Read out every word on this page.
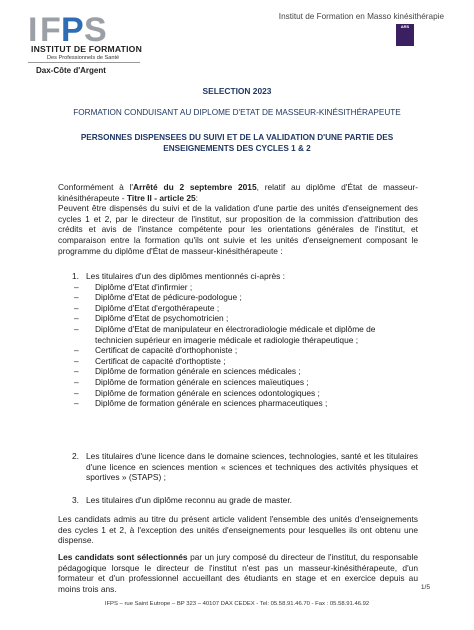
I F P S
INSTITUT DE FORMATION
Des Professionnels de Santé
Dax-Côte d'Argent
Institut de Formation en Masso kinésithérapie
ARS
SELECTION 2023
FORMATION CONDUISANT AU DIPLOME D'ETAT DE MASSEUR-KINÉSITHÉRAPEUTE
PERSONNES DISPENSEES DU SUIVI ET DE LA VALIDATION D'UNE PARTIE DES
ENSEIGNEMENTS DES CYCLES 1 & 2
Conformément à l'Arrêté du 2 septembre 2015, relatif au diplôme d'État de masseur-kinésithérapeute - Titre II - article 25:
Peuvent être dispensés du suivi et de la validation d'une partie des unités d'enseignement des cycles 1 et 2, par le directeur de l'institut, sur proposition de la commission d'attribution des crédits et avis de l'instance compétente pour les orientations générales de l'institut, et comparaison entre la formation qu'ils ont suivie et les unités d'enseignement composant le programme du diplôme d'État de masseur-kinésithérapeute :
1. Les titulaires d'un des diplômes mentionnés ci-après :
– Diplôme d'Etat d'infirmier ;
– Diplôme d'Etat de pédicure-podologue ;
– Diplôme d'Etat d'ergothérapeute ;
– Diplôme d'Etat de psychomotricien ;
– Diplôme d'Etat de manipulateur en électroradiologie médicale et diplôme de technicien supérieur en imagerie médicale et radiologie thérapeutique ;
– Certificat de capacité d'orthophoniste ;
– Certificat de capacité d'orthoptiste ;
– Diplôme de formation générale en sciences médicales ;
– Diplôme de formation générale en sciences maïeutiques ;
– Diplôme de formation générale en sciences odontologiques ;
– Diplôme de formation générale en sciences pharmaceutiques ;
2. Les titulaires d'une licence dans le domaine sciences, technologies, santé et les titulaires d'une licence en sciences mention « sciences et techniques des activités physiques et sportives » (STAPS) ;
3. Les titulaires d'un diplôme reconnu au grade de master.
Les candidats admis au titre du présent article valident l'ensemble des unités d'enseignements des cycles 1 et 2, à l'exception des unités d'enseignements pour lesquelles ils ont obtenu une dispense.
Les candidats sont sélectionnés par un jury composé du directeur de l'institut, du responsable pédagogique lorsque le directeur de l'institut n'est pas un masseur-kinésithérapeute, d'un formateur et d'un professionnel accueillant des étudiants en stage et en exercice depuis au moins trois ans.	1/5
IFPS – rue Saint Eutrope – BP 323 – 40107 DAX CEDEX - Tel: 05.58.91.46.70 - Fax : 05.58.91.46.92
